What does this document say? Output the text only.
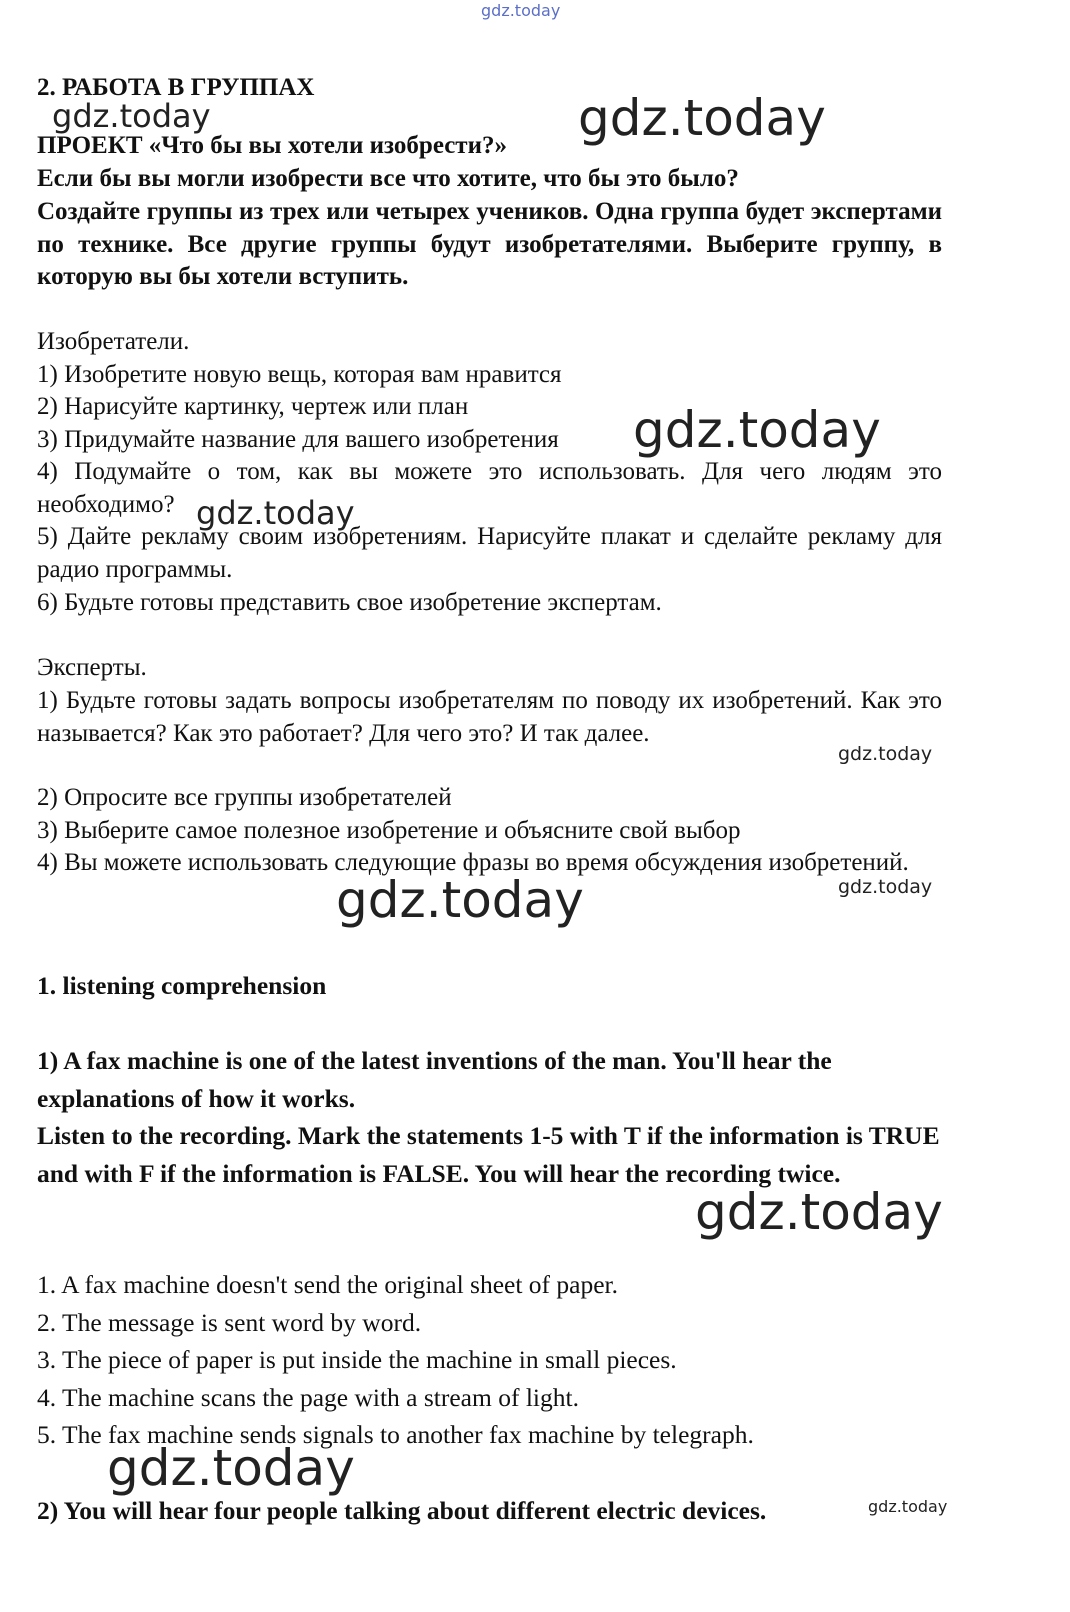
2. РАБОТА В ГРУППАХ

ПРОЕКТ «Что бы вы хотели изобрести?»

Если бы вы могли изобрести все что хотите, что бы это было?

Создайте группы из трех или четырех учеников. Одна группа будет экспертами по технике. Все другие группы будут изобретателями. Выберите группу, в которую вы бы хотели вступить.

Изобретатели.

1) Изобретите новую вещь, которая вам нравится

2) Нарисуйте картинку, чертеж или план

3) Придумайте название для вашего изобретения

4) Подумайте о том, как вы можете это использовать. Для чего людям это необходимо?

5) Дайте рекламу своим изобретениям. Нарисуйте плакат и сделайте рекламу для радио программы.

6) Будьте готовы представить свое изобретение экспертам.

Эксперты.

1) Будьте готовы задать вопросы изобретателям по поводу их изобретений. Как это называется? Как это работает? Для чего это? И так далее.

2) Опросите все группы изобретателей

3) Выберите самое полезное изобретение и объясните свой выбор

4) Вы можете использовать следующие фразы во время обсуждения изобретений.

1. listening comprehension

1) A fax machine is one of the latest inventions of the man. You'll hear the explanations of how it works.

Listen to the recording. Mark the statements 1-5 with T if the information is TRUE and with F if the information is FALSE. You will hear the recording twice.

1. A fax machine doesn't send the original sheet of paper.

2. The message is sent word by word.

3. The piece of paper is put inside the machine in small pieces.

4. The machine scans the page with a stream of light.

5. The fax machine sends signals to another fax machine by telegraph.

2) You will hear four people talking about different electric devices.

gdz.today
gdz.today	gdz.today
gdz.today
gdz.today
gdz.today
gdz.today
gdz.today
gdz.today
gdz.today
gdz.today
